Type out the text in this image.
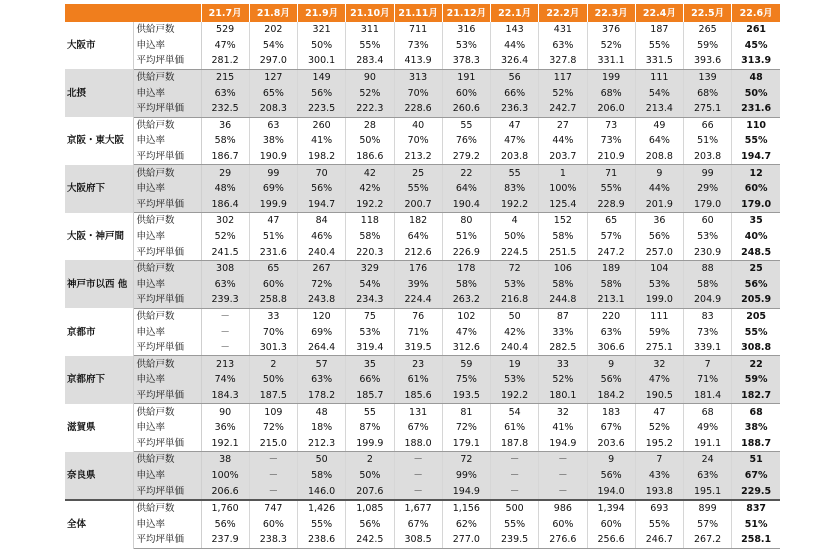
		21.7月	21.8月	21.9月	21.10月	21.11月	21.12月	22.1月	22.2月	22.3月	22.4月	22.5月	22.6月
大阪市	供給戸数	529	202	321	311	711	316	143	431	376	187	265	261
	申込率	47%	54%	50%	55%	73%	53%	44%	63%	52%	55%	59%	45%
	平均坪単価	281.2	297.0	300.1	283.4	413.9	378.3	326.4	327.8	331.1	331.5	393.6	313.9
北摂	供給戸数	215	127	149	90	313	191	56	117	199	111	139	48
	申込率	63%	65%	56%	52%	70%	60%	66%	52%	68%	54%	68%	50%
	平均坪単価	232.5	208.3	223.5	222.3	228.6	260.6	236.3	242.7	206.0	213.4	275.1	231.6
京阪・東大阪	供給戸数	36	63	260	28	40	55	47	27	73	49	66	110
	申込率	58%	38%	41%	50%	70%	76%	47%	44%	73%	64%	51%	55%
	平均坪単価	186.7	190.9	198.2	186.6	213.2	279.2	203.8	203.7	210.9	208.8	203.8	194.7
大阪府下	供給戸数	29	99	70	42	25	22	55	1	71	9	99	12
	申込率	48%	69%	56%	42%	55%	64%	83%	100%	55%	44%	29%	60%
	平均坪単価	186.4	199.9	194.7	192.2	200.7	190.4	192.2	125.4	228.9	201.9	179.0	179.0
大阪・神戸間	供給戸数	302	47	84	118	182	80	4	152	65	36	60	35
	申込率	52%	51%	46%	58%	64%	51%	50%	58%	57%	56%	53%	40%
	平均坪単価	241.5	231.6	240.4	220.3	212.6	226.9	224.5	251.5	247.2	257.0	230.9	248.5
神戸市以西 他	供給戸数	308	65	267	329	176	178	72	106	189	104	88	25
	申込率	63%	60%	72%	54%	39%	58%	53%	58%	58%	53%	58%	56%
	平均坪単価	239.3	258.8	243.8	234.3	224.4	263.2	216.8	244.8	213.1	199.0	204.9	205.9
京都市	供給戸数	－	33	120	75	76	102	50	87	220	111	83	205
	申込率	－	70%	69%	53%	71%	47%	42%	33%	63%	59%	73%	55%
	平均坪単価	－	301.3	264.4	319.4	319.5	312.6	240.4	282.5	306.6	275.1	339.1	308.8
京都府下	供給戸数	213	2	57	35	23	59	19	33	9	32	7	22
	申込率	74%	50%	63%	66%	61%	75%	53%	52%	56%	47%	71%	59%
	平均坪単価	184.3	187.5	178.2	185.7	185.6	193.5	192.2	180.1	184.2	190.5	181.4	182.7
滋賀県	供給戸数	90	109	48	55	131	81	54	32	183	47	68	68
	申込率	36%	72%	18%	87%	67%	72%	61%	41%	67%	52%	49%	38%
	平均坪単価	192.1	215.0	212.3	199.9	188.0	179.1	187.8	194.9	203.6	195.2	191.1	188.7
奈良県	供給戸数	38	－	50	2	－	72	－	－	9	7	24	51
	申込率	100%	－	58%	50%	－	99%	－	－	56%	43%	63%	67%
	平均坪単価	206.6	－	146.0	207.6	－	194.9	－	－	194.0	193.8	195.1	229.5
全体	供給戸数	1,760	747	1,426	1,085	1,677	1,156	500	986	1,394	693	899	837
	申込率	56%	60%	55%	56%	67%	62%	55%	60%	60%	55%	57%	51%
	平均坪単価	237.9	238.3	238.6	242.5	308.5	277.0	239.5	276.6	256.6	246.7	267.2	258.1
